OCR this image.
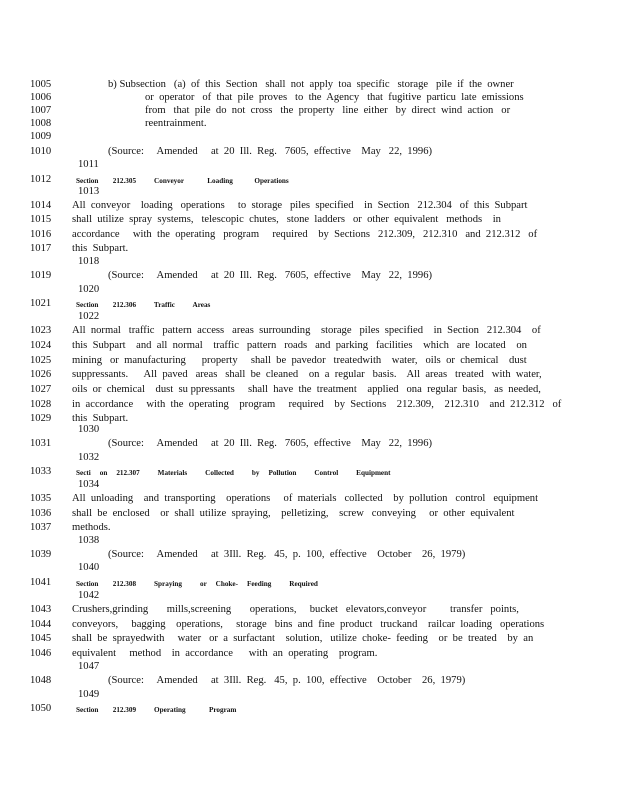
1005	b) Subsection   (a)  of  this  Section   shall  not  apply  toa  specific   storage   pile  if  the  owner
1006	or  operator   of  that  pile  proves   to  the  Agency   that  fugitive  particu  late  emissions
1007	from   that  pile  do  not  cross   the  property   line  either   by  direct  wind  action   or
1008	reentrainment.
1009
1010	(Source:     Amended     at  20  Ill.  Reg.   7605,  effective    May   22,  1996)
1011
1012	Section        212.305          Conveyor             Loading            Operations
1013
1014 All  conveyor    loading   operations     to  storage   piles  specified    in  Section   212.304   of  this  Subpart
1015 shall  utilize  spray  systems,   telescopic  chutes,   stone  ladders   or  other  equivalent   methods    in
1016 accordance     with  the  operating   program     required    by  Sections   212.309,   212.310   and  212.312   of
1017 this  Subpart.
1018
1019	(Source:     Amended     at  20  Ill.  Reg.   7605,  effective    May   22,  1996)
1020
1021	Section        212.306          Traffic          Areas
1022
1023 All  normal   traffic   pattern  access   areas  surrounding    storage   piles  specified    in  Section   212.304    of
1024 this  Subpart    and  all  normal    traffic   pattern   roads   and  parking   facilities    which   are  located    on
1025 mining   or  manufacturing      property     shall  be  pavedor   treatedwith    water,   oils  or  chemical    dust
1026 suppressants.      All  paved   areas   shall  be  cleaned    on  a  regular   basis.    All  areas   treated   with  water,
1027 oils  or  chemical    dust  su ppressants     shall  have  the  treatment    applied   ona  regular  basis,   as  needed,
1028 in  accordance     with  the  operating    program     required    by  Sections    212.309,    212.310    and  212.312   of
1029 this  Subpart.
1030
1031	(Source:     Amended     at  20  Ill.  Reg.   7605,  effective    May   22,  1996)
1032
1033	Secti     on     212.307          Materials          Collected          by     Pollution          Control          Equipment
1034
1035 All  unloading    and  transporting    operations     of  materials   collected    by  pollution   control   equipment
1036 shall  be  enclosed    or  shall  utilize  spraying,    pelletizing,    screw   conveying     or  other  equivalent
1037 methods.
1038
1039	(Source:     Amended     at  3Ill.  Reg.   45,  p.  100,  effective    October    26,  1979)
1040
1041	Section        212.308          Spraying          or     Choke-     Feeding          Required
1042
1043 Crushers,grinding       mills,screening       operations,     bucket   elevators,conveyor         transfer   points,
1044 conveyors,     bagging    operations,     storage   bins  and  fine  product   truckand    railcar  loading   operations
1045 shall  be  sprayedwith     water   or  a  surfactant    solution,   utilize  choke-  feeding    or  be  treated    by  an
1046 equivalent     method    in  accordance      with  an  operating    program.
1047
1048	(Source:     Amended     at  3Ill.  Reg.   45,  p.  100,  effective    October    26,  1979)
1049
1050	Section        212.309          Operating             Program
